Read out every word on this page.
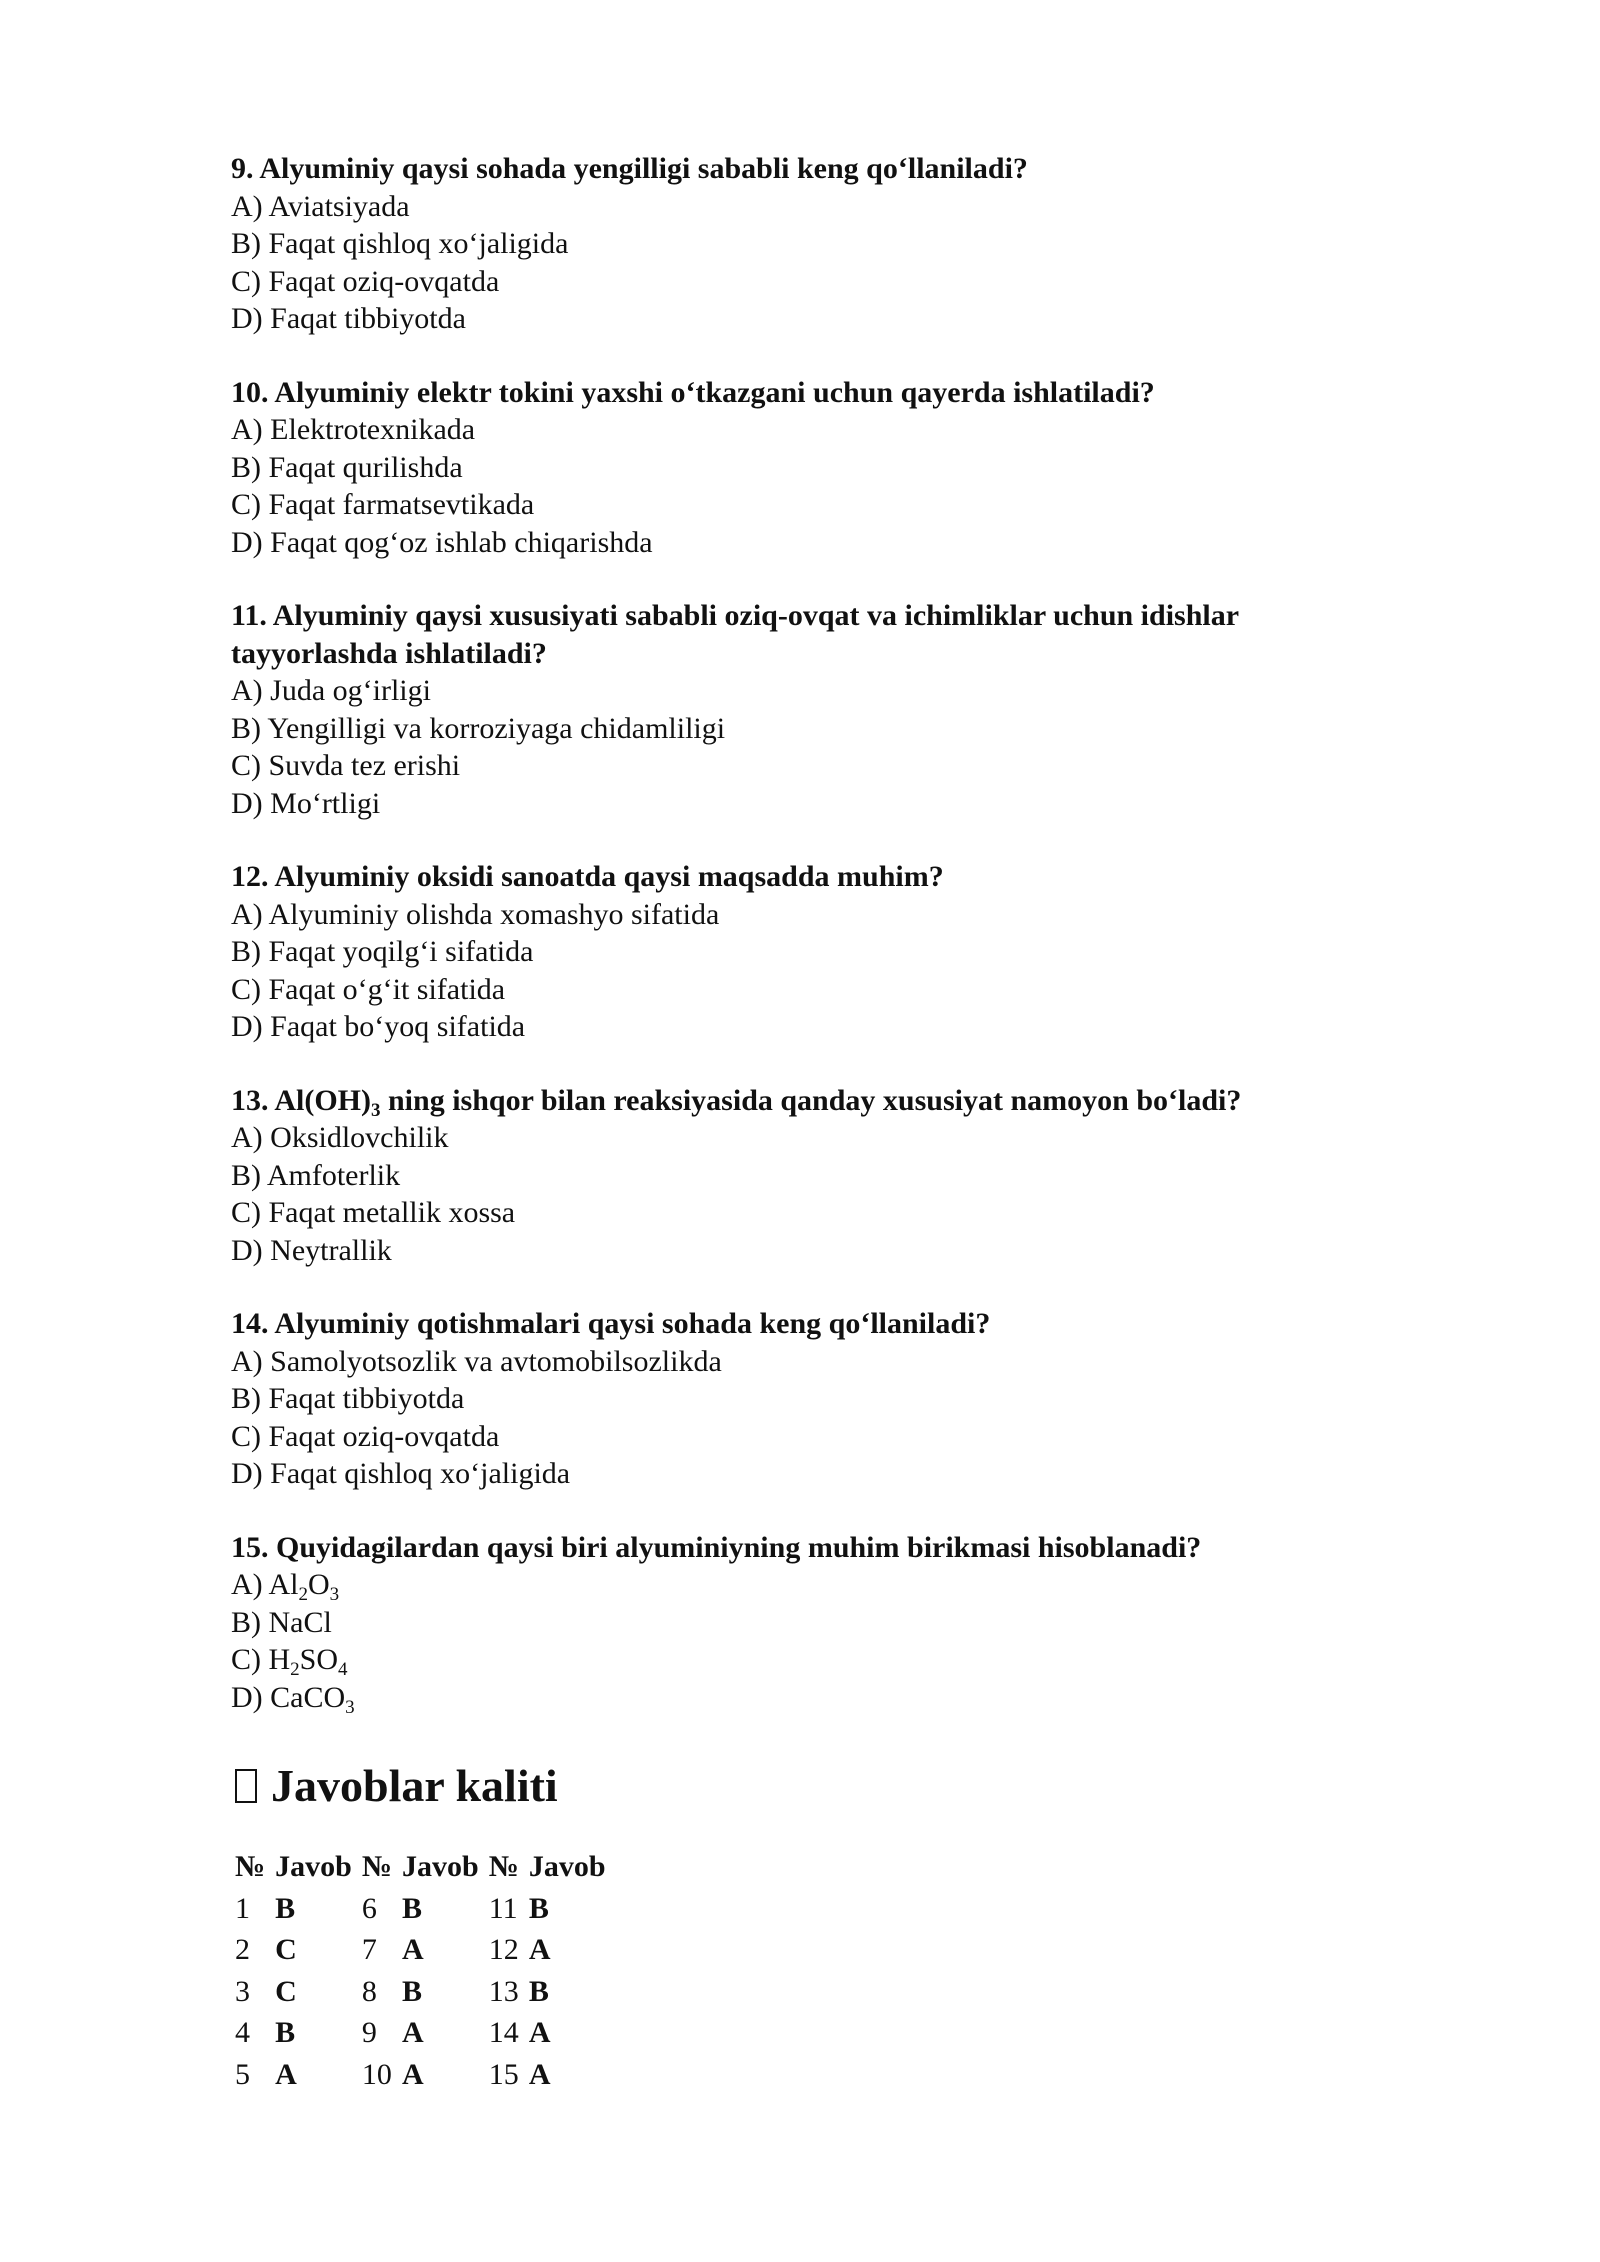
9. Alyuminiy qaysi sohada yengilligi sababli keng qo‘llaniladi?

A) Aviatsiyada

B) Faqat qishloq xo‘jaligida

C) Faqat oziq-ovqatda

D) Faqat tibbiyotda

10. Alyuminiy elektr tokini yaxshi o‘tkazgani uchun qayerda ishlatiladi?

A) Elektrotexnikada

B) Faqat qurilishda

C) Faqat farmatsevtikada

D) Faqat qog‘oz ishlab chiqarishda

11. Alyuminiy qaysi xususiyati sababli oziq-ovqat va ichimliklar uchun idishlar

tayyorlashda ishlatiladi?

A) Juda og‘irligi

B) Yengilligi va korroziyaga chidamliligi

C) Suvda tez erishi

D) Mo‘rtligi

12. Alyuminiy oksidi sanoatda qaysi maqsadda muhim?

A) Alyuminiy olishda xomashyo sifatida

B) Faqat yoqilg‘i sifatida

C) Faqat o‘g‘it sifatida

D) Faqat bo‘yoq sifatida

13. $Al(OH)_3$ ning ishqor bilan reaksiyasida qanday xususiyat namoyon bo‘ladi?

A) Oksidlovchilik

B) Amfoterlik

C) Faqat metallik xossa

D) Neytrallik

14. Alyuminiy qotishmalari qaysi sohada keng qo‘llaniladi?

A) Samolyotsozlik va avtomobilsozlikda

B) Faqat tibbiyotda

C) Faqat oziq-ovqatda

D) Faqat qishloq xo‘jaligida

15. Quyidagilardan qaysi biri alyuminiyning muhim birikmasi hisoblanadi?

A) $Al_2O_3$

B) NaCl

C) $H_2SO_4$

D) CaCO$_3$

Javoblar kaliti
№	Javob	№	Javob	№	Javob
1	B	6	B	11	B
2	C	7	A	12	A
3	C	8	B	13	B
4	B	9	A	14	A
5	A	10	A	15	A
